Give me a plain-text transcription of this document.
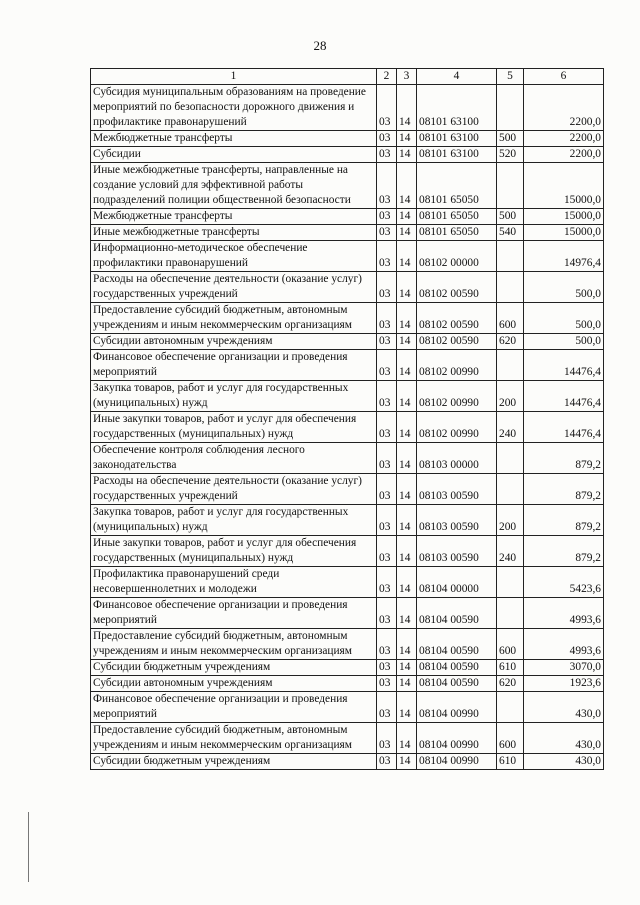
28
1	2	3	4	5	6
Субсидия муниципальным образованиям на проведение мероприятий по безопасности дорожного движения и профилактике правонарушений	03	14	08101 63100		2200,0
Межбюджетные трансферты	03	14	08101 63100	500	2200,0
Субсидии	03	14	08101 63100	520	2200,0
Иные межбюджетные трансферты, направленные на создание условий для эффективной работы подразделений полиции общественной безопасности	03	14	08101 65050		15000,0
Межбюджетные трансферты	03	14	08101 65050	500	15000,0
Иные межбюджетные трансферты	03	14	08101 65050	540	15000,0
Информационно-методическое обеспечение профилактики правонарушений	03	14	08102 00000		14976,4
Расходы на обеспечение деятельности (оказание услуг) государственных учреждений	03	14	08102 00590		500,0
Предоставление субсидий бюджетным, автономным учреждениям и иным некоммерческим организациям	03	14	08102 00590	600	500,0
Субсидии автономным учреждениям	03	14	08102 00590	620	500,0
Финансовое обеспечение организации и проведения мероприятий	03	14	08102 00990		14476,4
Закупка товаров, работ и услуг для государственных (муниципальных) нужд	03	14	08102 00990	200	14476,4
Иные закупки товаров, работ и услуг для обеспечения государственных (муниципальных) нужд	03	14	08102 00990	240	14476,4
Обеспечение контроля соблюдения лесного законодательства	03	14	08103 00000		879,2
Расходы на обеспечение деятельности (оказание услуг) государственных учреждений	03	14	08103 00590		879,2
Закупка товаров, работ и услуг для государственных (муниципальных) нужд	03	14	08103 00590	200	879,2
Иные закупки товаров, работ и услуг для обеспечения государственных (муниципальных) нужд	03	14	08103 00590	240	879,2
Профилактика правонарушений среди несовершеннолетних и молодежи	03	14	08104 00000		5423,6
Финансовое обеспечение организации и проведения мероприятий	03	14	08104 00590		4993,6
Предоставление субсидий бюджетным, автономным учреждениям и иным некоммерческим организациям	03	14	08104 00590	600	4993,6
Субсидии бюджетным учреждениям	03	14	08104 00590	610	3070,0
Субсидии автономным учреждениям	03	14	08104 00590	620	1923,6
Финансовое обеспечение организации и проведения мероприятий	03	14	08104 00990		430,0
Предоставление субсидий бюджетным, автономным учреждениям и иным некоммерческим организациям	03	14	08104 00990	600	430,0
Субсидии бюджетным учреждениям	03	14	08104 00990	610	430,0
